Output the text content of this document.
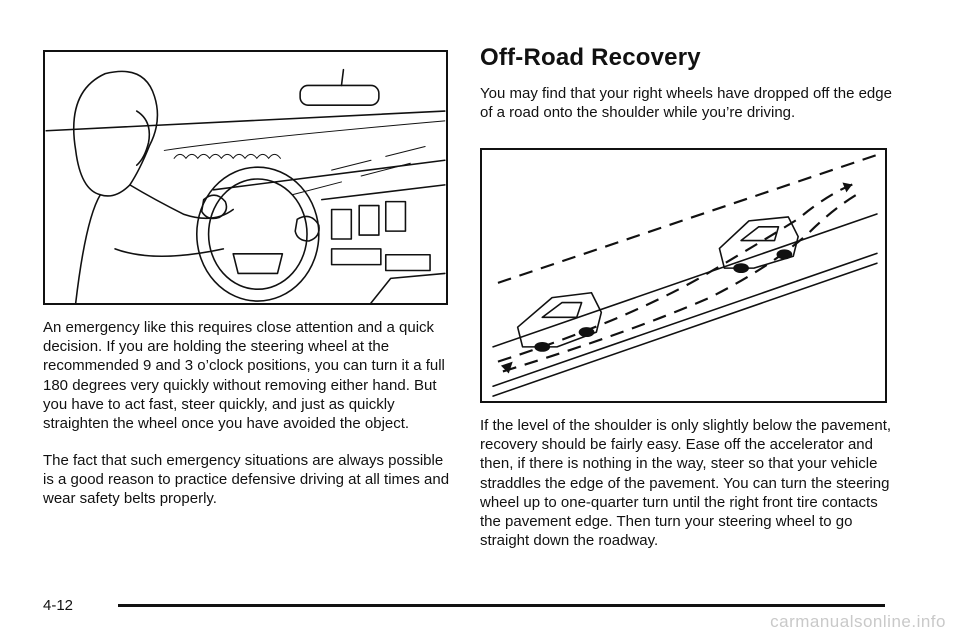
An emergency like this requires close attention and a quick decision. If you are holding the steering wheel at the recommended 9 and 3 o’clock positions, you can turn it a full 180 degrees very quickly without removing either hand. But you have to act fast, steer quickly, and just as quickly straighten the wheel once you have avoided the object.

The fact that such emergency situations are always possible is a good reason to practice defensive driving at all times and wear safety belts properly.

Off-Road Recovery

You may find that your right wheels have dropped off the edge of a road onto the shoulder while you’re driving.

If the level of the shoulder is only slightly below the pavement, recovery should be fairly easy. Ease off the accelerator and then, if there is nothing in the way, steer so that your vehicle straddles the edge of the pavement. You can turn the steering wheel up to one-quarter turn until the right front tire contacts the pavement edge. Then turn your steering wheel to go straight down the roadway.

4-12
carmanualsonline.info
